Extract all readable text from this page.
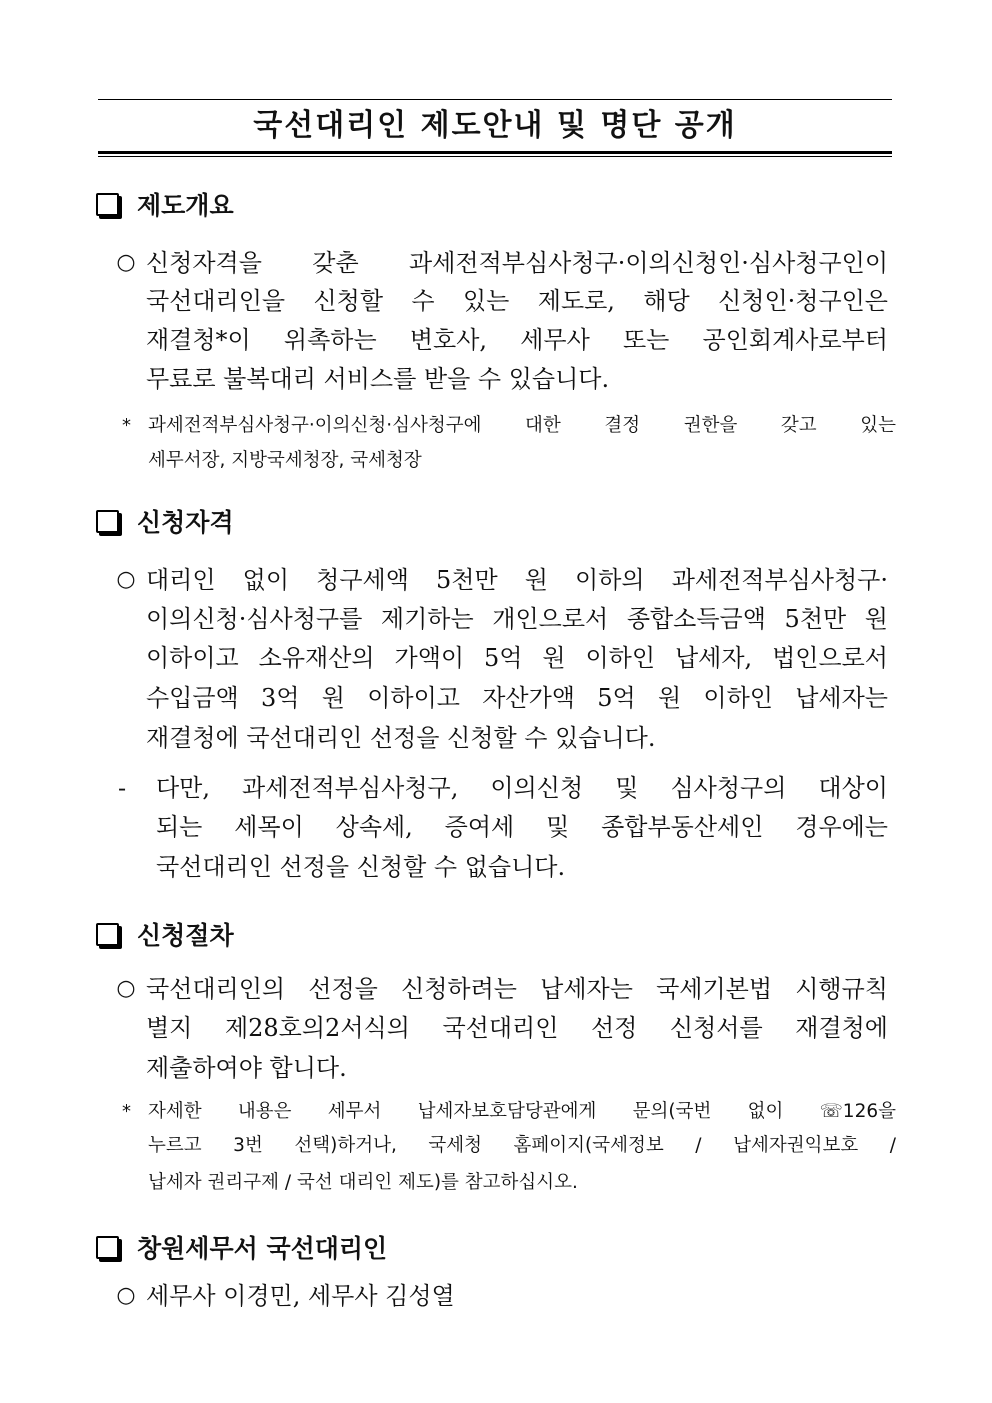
국선대리인 제도안내 및 명단 공개
제도개요
○ 신청자격을 갖춘 과세전적부심사청구·이의신청인·심사청구인이
국선대리인을 신청할 수 있는 제도로, 해당 신청인·청구인은
재결청*이 위촉하는 변호사, 세무사 또는 공인회계사로부터
무료로 불복대리 서비스를 받을 수 있습니다.
* 과세전적부심사청구·이의신청·심사청구에 대한 결정 권한을 갖고 있는
세무서장, 지방국세청장, 국세청장
신청자격
○ 대리인 없이 청구세액 5천만 원 이하의 과세전적부심사청구·
이의신청·심사청구를 제기하는 개인으로서 종합소득금액 5천만 원
이하이고 소유재산의 가액이 5억 원 이하인 납세자, 법인으로서
수입금액 3억 원 이하이고 자산가액 5억 원 이하인 납세자는
재결청에 국선대리인 선정을 신청할 수 있습니다.
-	다만, 과세전적부심사청구, 이의신청 및 심사청구의 대상이
되는 세목이 상속세, 증여세 및 종합부동산세인 경우에는
국선대리인 선정을 신청할 수 없습니다.
신청절차
○ 국선대리인의 선정을 신청하려는 납세자는 국세기본법 시행규칙
별지 제28호의2서식의 국선대리인 선정 신청서를 재결청에
제출하여야 합니다.
* 자세한 내용은 세무서 납세자보호담당관에게 문의(국번 없이 ☏126을
누르고 3번 선택)하거나, 국세청 홈페이지(국세정보 / 납세자권익보호 /
납세자 권리구제 / 국선 대리인 제도)를 참고하십시오.
창원세무서 국선대리인
○ 세무사 이경민, 세무사 김성열
